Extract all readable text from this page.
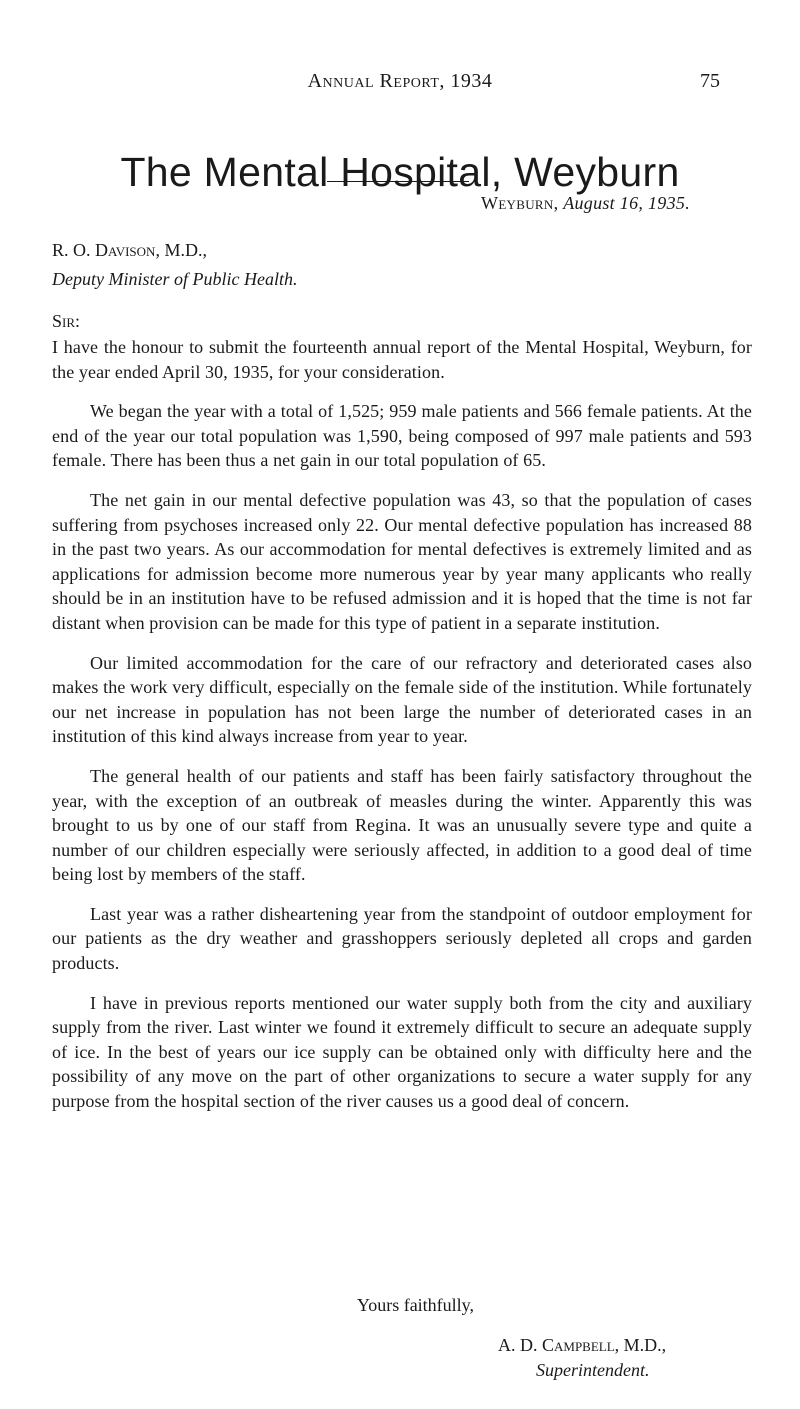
Annual Report, 1934	75
The Mental Hospital, Weyburn
Weyburn, August 16, 1935.
R. O. Davison, M.D.,
Deputy Minister of Public Health.
Sir:

I have the honour to submit the fourteenth annual report of the Mental Hospital, Weyburn, for the year ended April 30, 1935, for your consideration.

We began the year with a total of 1,525; 959 male patients and 566 female patients. At the end of the year our total population was 1,590, being composed of 997 male patients and 593 female. There has been thus a net gain in our total population of 65.

The net gain in our mental defective population was 43, so that the population of cases suffering from psychoses increased only 22. Our mental defective population has increased 88 in the past two years. As our accommodation for mental defectives is extremely limited and as applications for admission become more numerous year by year many applicants who really should be in an institution have to be refused admission and it is hoped that the time is not far distant when provision can be made for this type of patient in a separate institution.

Our limited accommodation for the care of our refractory and deteriorated cases also makes the work very difficult, especially on the female side of the institution. While fortunately our net increase in population has not been large the number of deteriorated cases in an institution of this kind always increase from year to year.

The general health of our patients and staff has been fairly satisfactory throughout the year, with the exception of an outbreak of measles during the winter. Apparently this was brought to us by one of our staff from Regina. It was an unusually severe type and quite a number of our children especially were seriously affected, in addition to a good deal of time being lost by members of the staff.

Last year was a rather disheartening year from the standpoint of outdoor employment for our patients as the dry weather and grasshoppers seriously depleted all crops and garden products.

I have in previous reports mentioned our water supply both from the city and auxiliary supply from the river. Last winter we found it extremely difficult to secure an adequate supply of ice. In the best of years our ice supply can be obtained only with difficulty here and the possibility of any move on the part of other organizations to secure a water supply for any purpose from the hospital section of the river causes us a good deal of concern.

Yours faithfully,
A. D. Campbell, M.D.,
Superintendent.
